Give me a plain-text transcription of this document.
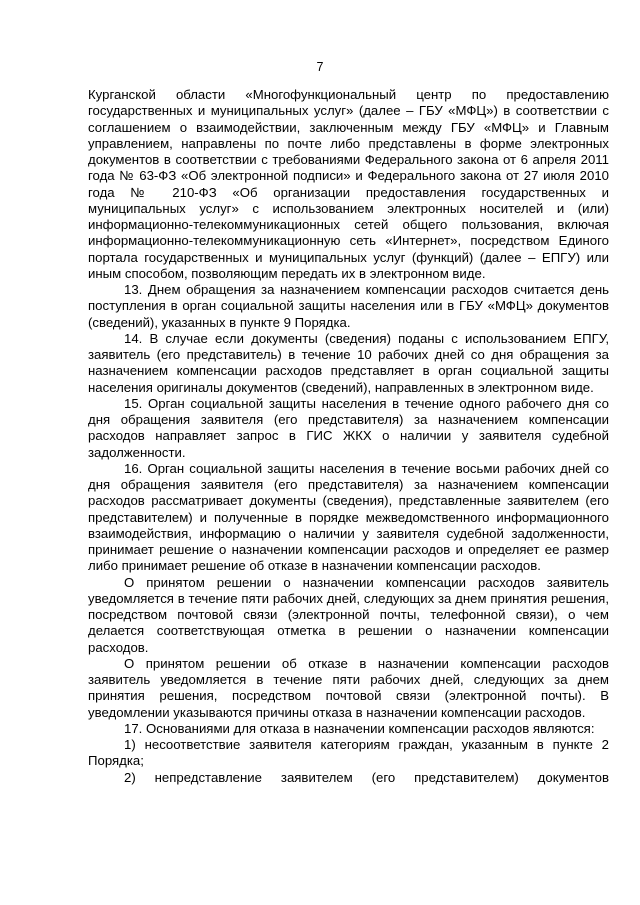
7

Курганской области «Многофункциональный центр по предоставлению государственных и муниципальных услуг» (далее – ГБУ «МФЦ») в соответствии с соглашением о взаимодействии, заключенным между ГБУ «МФЦ» и Главным управлением, направлены по почте либо представлены в форме электронных документов в соответствии с требованиями Федерального закона от 6 апреля 2011 года № 63-ФЗ «Об электронной подписи» и Федерального закона от 27 июля 2010 года № 210-ФЗ «Об организации предоставления государственных и муниципальных услуг» с использованием электронных носителей и (или) информационно-телекоммуникационных сетей общего пользования, включая информационно-телекоммуникационную сеть «Интернет», посредством Единого портала государственных и муниципальных услуг (функций) (далее – ЕПГУ) или иным способом, позволяющим передать их в электронном виде.

13. Днем обращения за назначением компенсации расходов считается день поступления в орган социальной защиты населения или в ГБУ «МФЦ» документов (сведений), указанных в пункте 9 Порядка.

14. В случае если документы (сведения) поданы с использованием ЕПГУ, заявитель (его представитель) в течение 10 рабочих дней со дня обращения за назначением компенсации расходов представляет в орган социальной защиты населения оригиналы документов (сведений), направленных в электронном виде.

15. Орган социальной защиты населения в течение одного рабочего дня со дня обращения заявителя (его представителя) за назначением компенсации расходов направляет запрос в ГИС ЖКХ о наличии у заявителя судебной задолженности.

16. Орган социальной защиты населения в течение восьми рабочих дней со дня обращения заявителя (его представителя) за назначением компенсации расходов рассматривает документы (сведения), представленные заявителем (его представителем) и полученные в порядке межведомственного информационного взаимодействия, информацию о наличии у заявителя судебной задолженности, принимает решение о назначении компенсации расходов и определяет ее размер либо принимает решение об отказе в назначении компенсации расходов.

О принятом решении о назначении компенсации расходов заявитель уведомляется в течение пяти рабочих дней, следующих за днем принятия решения, посредством почтовой связи (электронной почты, телефонной связи), о чем делается соответствующая отметка в решении о назначении компенсации расходов.

О принятом решении об отказе в назначении компенсации расходов заявитель уведомляется в течение пяти рабочих дней, следующих за днем принятия решения, посредством почтовой связи (электронной почты). В уведомлении указываются причины отказа в назначении компенсации расходов.

17. Основаниями для отказа в назначении компенсации расходов являются:

1) несоответствие заявителя категориям граждан, указанным в пункте 2 Порядка;

2) непредставление заявителем (его представителем) документов
